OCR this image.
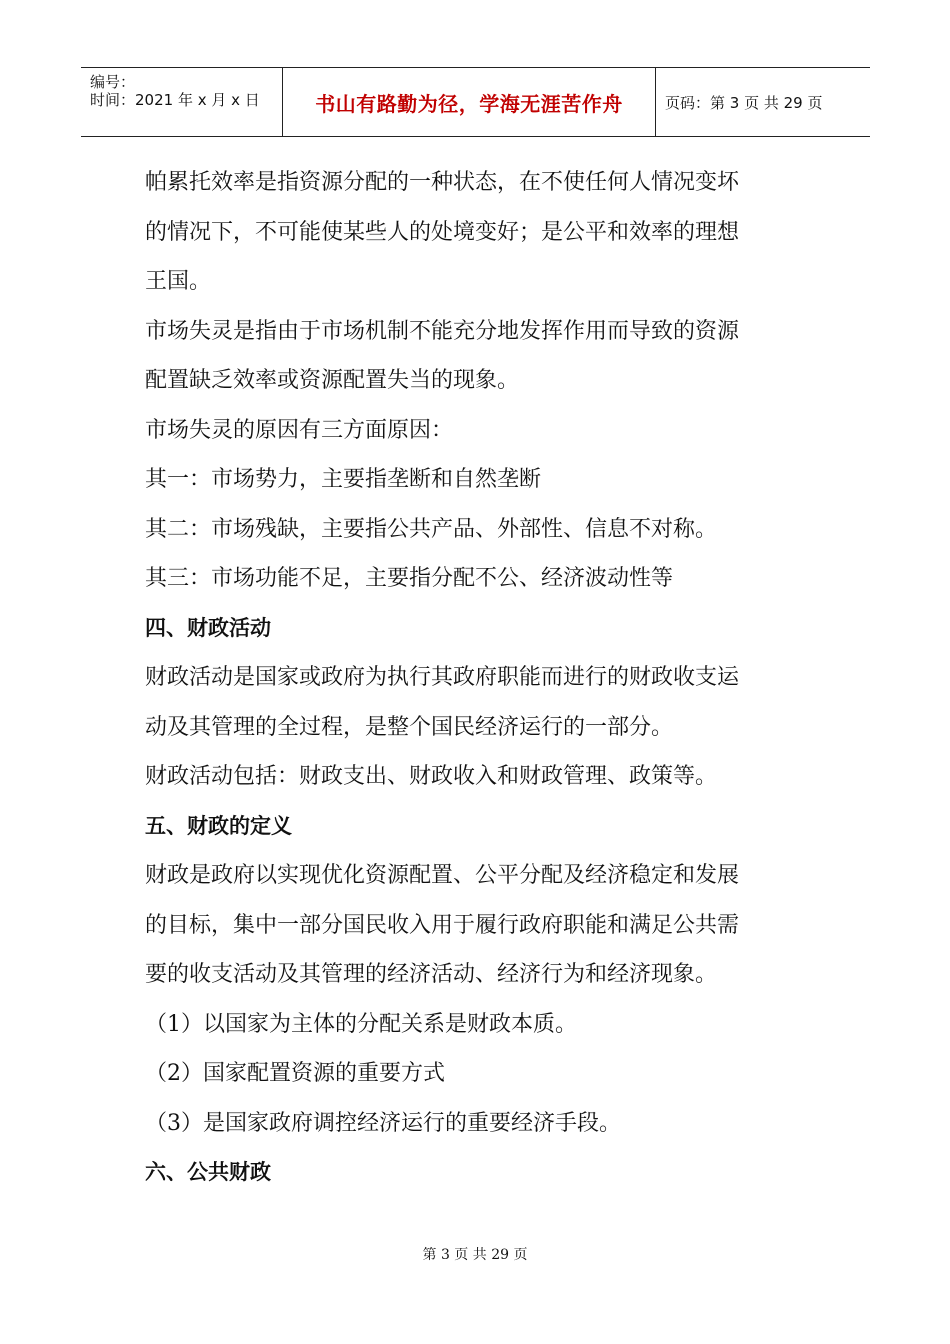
编号：
时间：2021 年 x 月 x 日	书山有路勤为径，学海无涯苦作舟	页码：第 3 页 共 29 页
帕累托效率是指资源分配的一种状态，在不使任何人情况变坏
的情况下，不可能使某些人的处境变好；是公平和效率的理想
王国。
市场失灵是指由于市场机制不能充分地发挥作用而导致的资源
配置缺乏效率或资源配置失当的现象。
市场失灵的原因有三方面原因：
其一：市场势力，主要指垄断和自然垄断
其二：市场残缺，主要指公共产品、外部性、信息不对称。
其三：市场功能不足，主要指分配不公、经济波动性等
四、财政活动
财政活动是国家或政府为执行其政府职能而进行的财政收支运
动及其管理的全过程，是整个国民经济运行的一部分。
财政活动包括：财政支出、财政收入和财政管理、政策等。
五、财政的定义
财政是政府以实现优化资源配置、公平分配及经济稳定和发展
的目标，集中一部分国民收入用于履行政府职能和满足公共需
要的收支活动及其管理的经济活动、经济行为和经济现象。
（1）以国家为主体的分配关系是财政本质。
（2）国家配置资源的重要方式
（3）是国家政府调控经济运行的重要经济手段。
六、公共财政
第 3 页 共 29 页
